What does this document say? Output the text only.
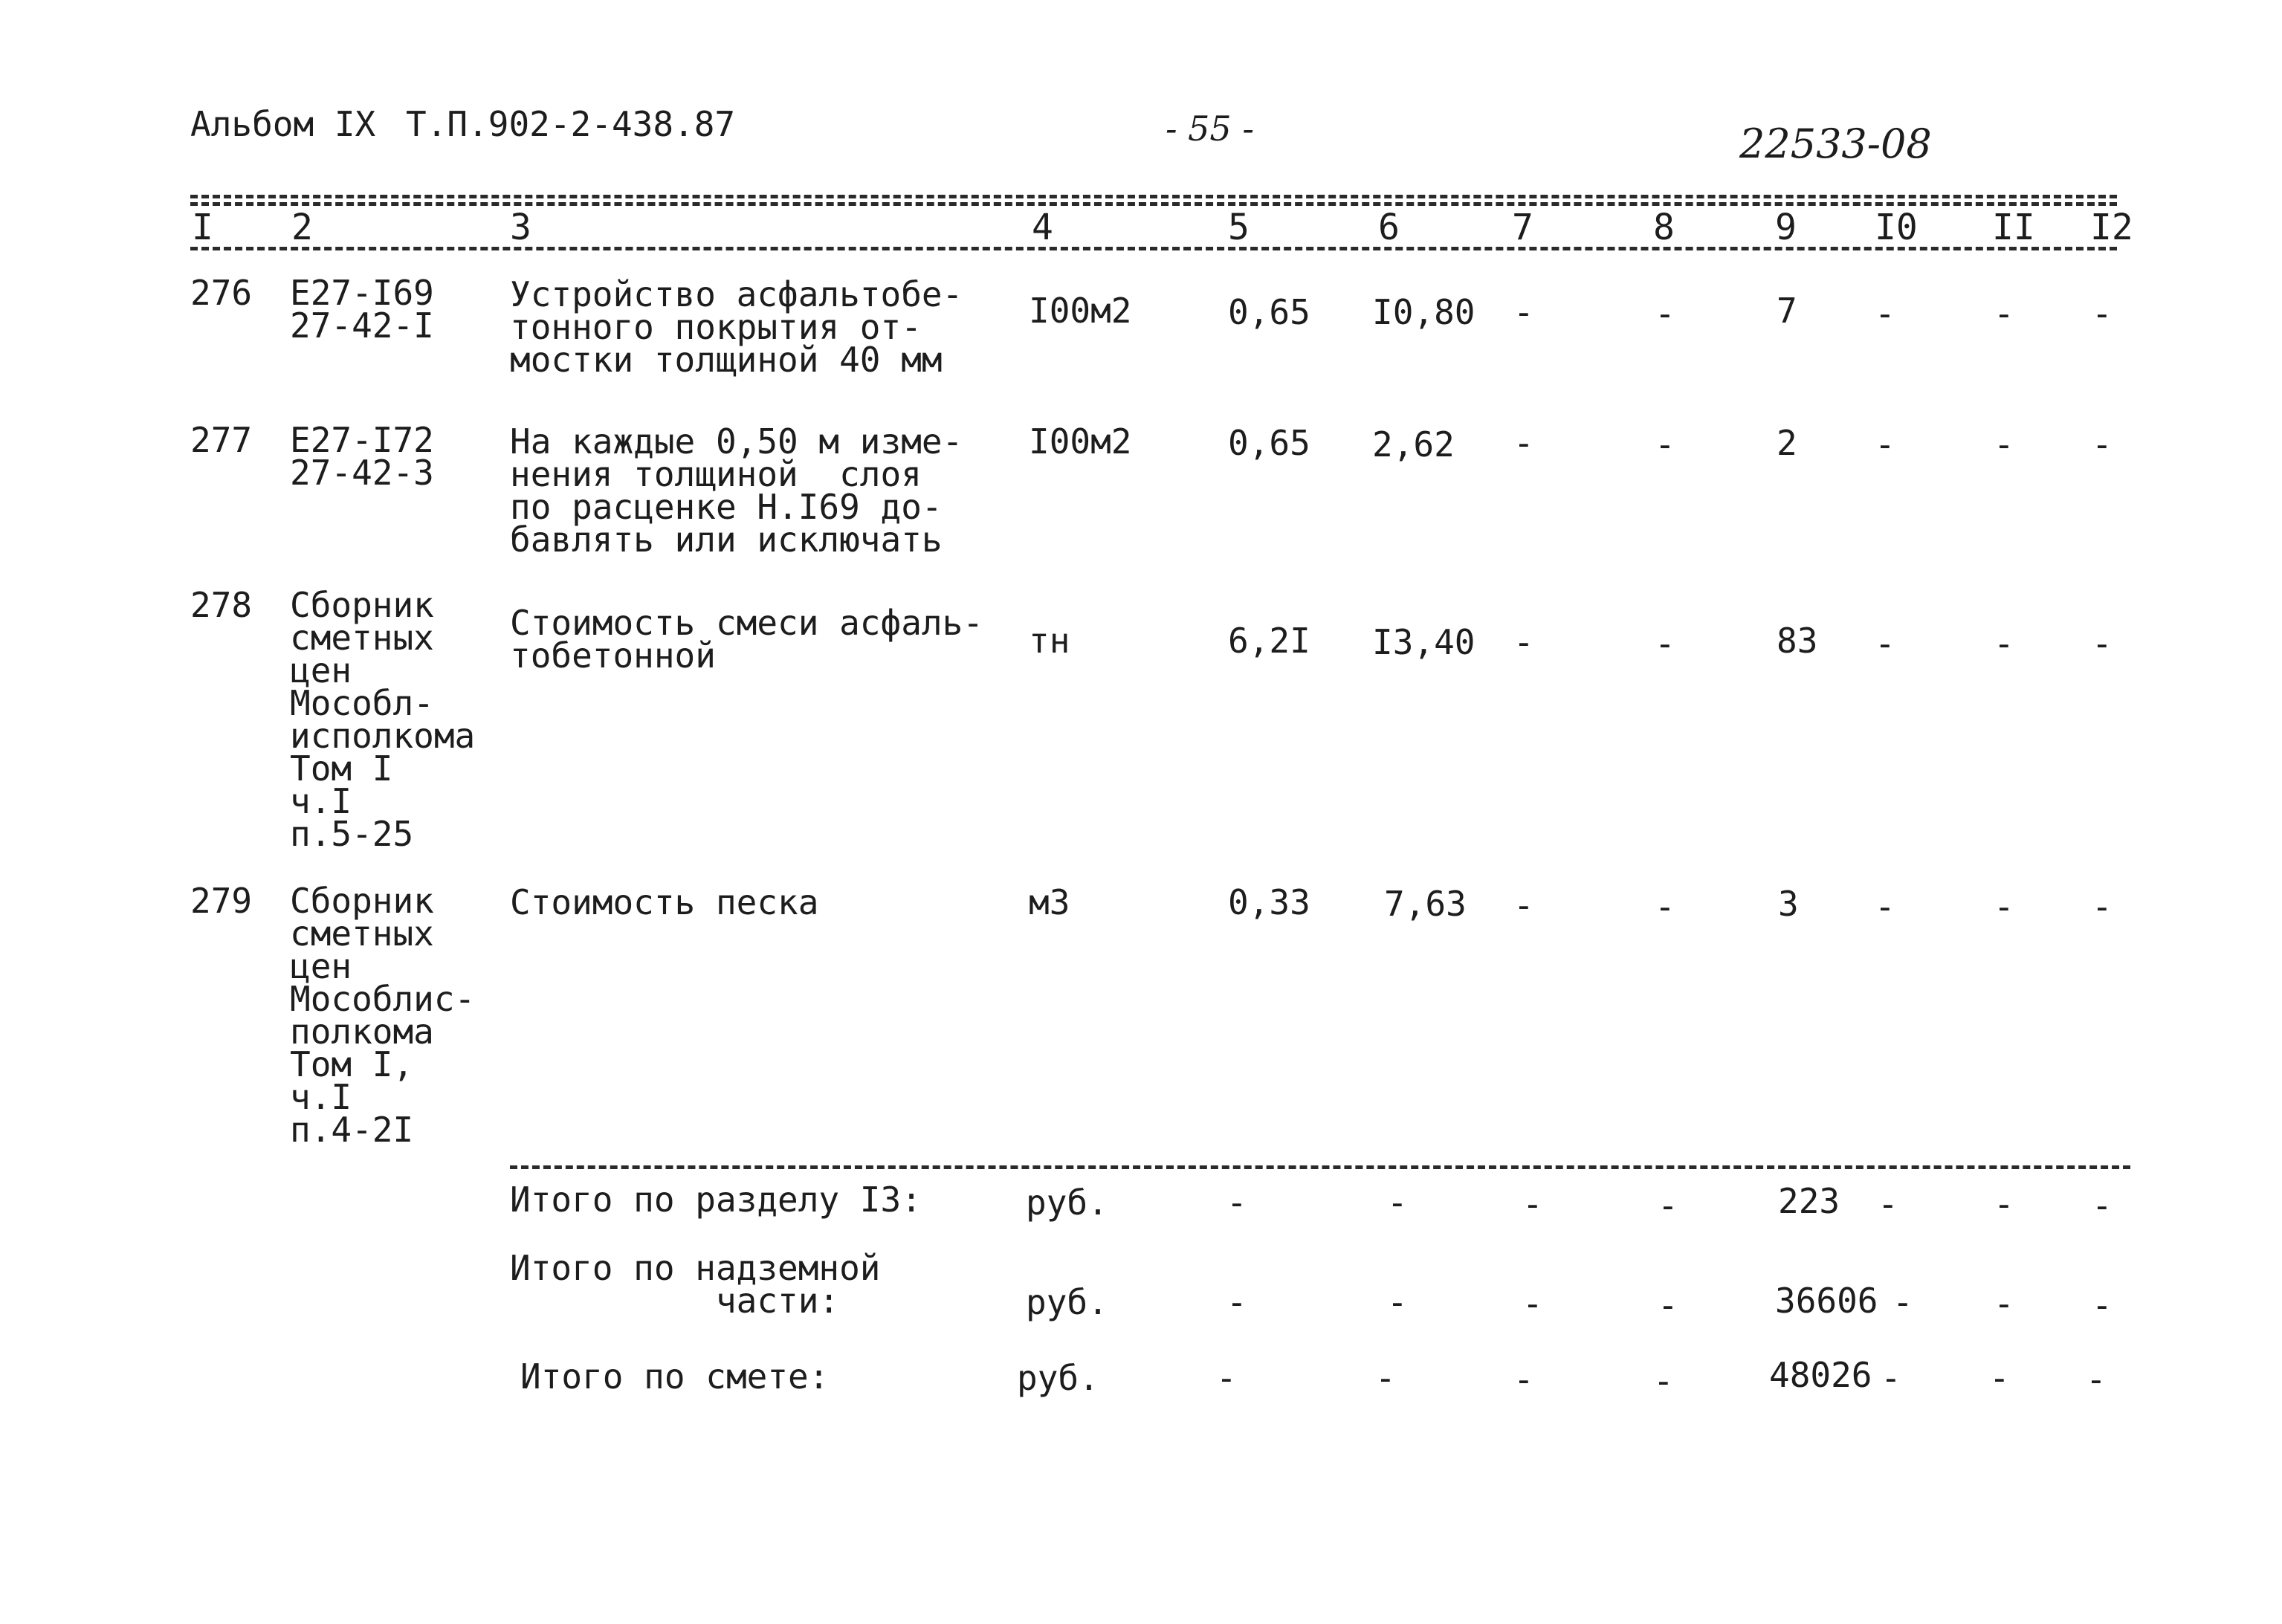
Альбом IX Т.П.902-2-438.87	- 55 -	22533-08
I 2	3	4	5	6	7	8	9 I0 II I2
276 Е27-I69
27-42-I
Устройство асфальтобе-
тонного покрытия от-
мостки толщиной 40 мм
I00м2	0,65 I0,80 -	-	7 -	- -
277 Е27-I72
27-42-3
На каждые 0,50 м изме-
нения толщиной  слоя
по расценке Н.I69 до-
бавлять или исключать
I00м2	0,65 2,62 -	-	2 -	- -
278 Сборник
сметных
цен
Мособл-
исполкома
Том I
ч.I
п.5-25
Стоимость смеси асфаль-
тобетонной	тн	6,2I I3,40 -	-	83 -	- -
279 Сборник
сметных
цен
Мособлис-
полкома
Том I,
ч.I
п.4-2I
Стоимость песка	м3	0,33 7,63 -	-	3 -	- -
Итого по разделу I3:	руб.	-	-	-	-	223 -	- -
Итого по надземной
части:	руб.	-	-	-	-	36606 - - -
Итого по смете:	руб.	-	-	-	-	48026 -	- -
